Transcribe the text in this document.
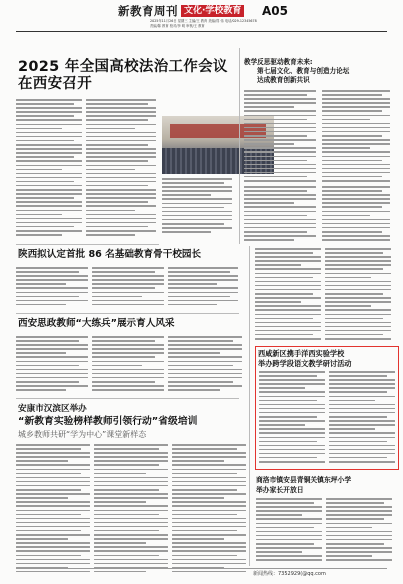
新教育周刊 文化·学校教育 A05
2025年11月26日 星期三 主编/王 教育 美编/郑 伟 电话/029-12345678
责编/陈 教育 校对/李 明 审核/王 教育
2025 年全国高校法治工作会议
在西安召开
教学反思驱动教育未来:
第七届文化、教育与创造力论坛
达成教育创新共识
陕西拟认定首批 86 名基础教育骨干校园长
西安思政教师“大练兵”展示育人风采
安康市汉滨区举办
“新教育实验榜样教师引领行动”省级培训
城乡教师共研“学为中心”课堂新样态
西咸新区携手洋西实验学校
举办跨学段语文教学研讨活动
商洛市镇安县青铜关镇东坪小学
举办家长开放日
新闻热线：7352929(@qq.com
